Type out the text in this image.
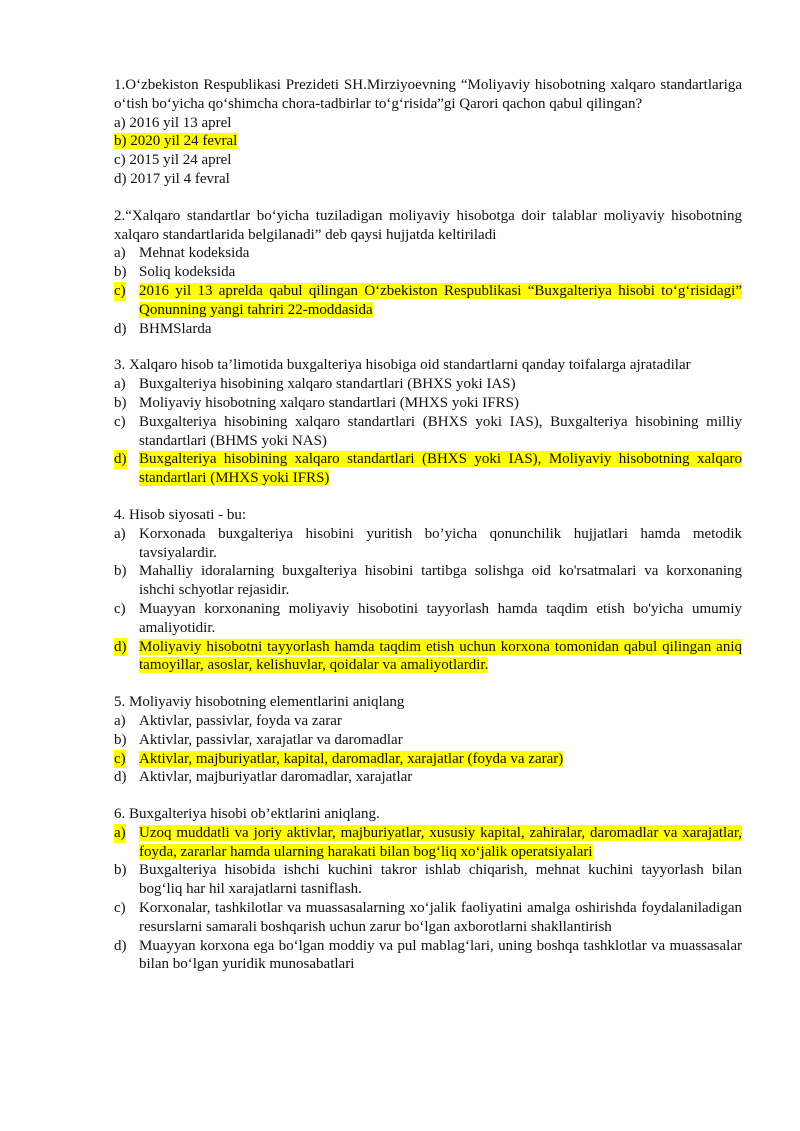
1.O‘zbekiston Respublikasi Prezideti SH.Mirziyoevning “Moliyaviy hisobotning xalqaro standartlariga o‘tish bo‘yicha qo‘shimcha chora-tadbirlar to‘g‘risida”gi Qarori qachon qabul qilingan?

a) 2016 yil 13 aprel
b) 2020 yil 24 fevral
c) 2015 yil 24 aprel
d) 2017 yil 4 fevral

2.“Xalqaro standartlar bo‘yicha tuziladigan moliyaviy hisobotga doir talablar moliyaviy hisobotning xalqaro standartlarida belgilanadi” deb qaysi hujjatda keltiriladi

a) Mehnat kodeksida
b) Soliq kodeksida
c) 2016 yil 13 aprelda qabul qilingan O‘zbekiston Respublikasi “Buxgalteriya hisobi to‘g‘risidagi” Qonunning yangi tahriri 22-moddasida
d) BHMSlarda

3. Xalqaro hisob ta’limotida buxgalteriya hisobiga oid standartlarni qanday toifalarga ajratadilar

a) Buxgalteriya hisobining xalqaro standartlari (BHXS yoki IAS)
b) Moliyaviy hisobotning xalqaro standartlari (MHXS yoki IFRS)
c) Buxgalteriya hisobining xalqaro standartlari (BHXS yoki IAS), Buxgalteriya hisobining milliy standartlari (BHMS yoki NAS)
d) Buxgalteriya hisobining xalqaro standartlari (BHXS yoki IAS), Moliyaviy hisobotning xalqaro standartlari (MHXS yoki IFRS)

4. Hisob siyosati - bu:

a) Korxonada buxgalteriya hisobini yuritish bo’yicha qonunchilik hujjatlari hamda metodik tavsiyalardir.
b) Mahalliy idoralarning buxgalteriya hisobini tartibga solishga oid ko'rsatmalari va korxonaning ishchi schyotlar rejasidir.
c) Muayyan korxonaning moliyaviy hisobotini tayyorlash hamda taqdim etish bo'yicha umumiy amaliyotidir.
d) Moliyaviy hisobotni tayyorlash hamda taqdim etish uchun korxona tomonidan qabul qilingan aniq tamoyillar, asoslar, kelishuvlar, qoidalar va amaliyotlardir.

5. Moliyaviy hisobotning elementlarini aniqlang

a) Aktivlar, passivlar, foyda va zarar
b) Aktivlar, passivlar, xarajatlar va daromadlar
c) Aktivlar, majburiyatlar, kapital, daromadlar, xarajatlar (foyda va zarar)
d) Aktivlar, majburiyatlar daromadlar, xarajatlar

6. Buxgalteriya hisobi ob’ektlarini aniqlang.

a) Uzoq muddatli va joriy aktivlar, majburiyatlar, xususiy kapital, zahiralar, daromadlar va xarajatlar, foyda, zararlar hamda ularning harakati bilan bog‘liq xo‘jalik operatsiyalari
b) Buxgalteriya hisobida ishchi kuchini takror ishlab chiqarish, mehnat kuchini tayyorlash bilan bog‘liq har hil xarajatlarni tasniflash.
c) Korxonalar, tashkilotlar va muassasalarning xo‘jalik faoliyatini amalga oshirishda foydalaniladigan resurslarni samarali boshqarish uchun zarur bo‘lgan axborotlarni shakllantirish
d) Muayyan korxona ega bo‘lgan moddiy va pul mablag‘lari, uning boshqa tashklotlar va muassasalar bilan bo‘lgan yuridik munosabatlari
